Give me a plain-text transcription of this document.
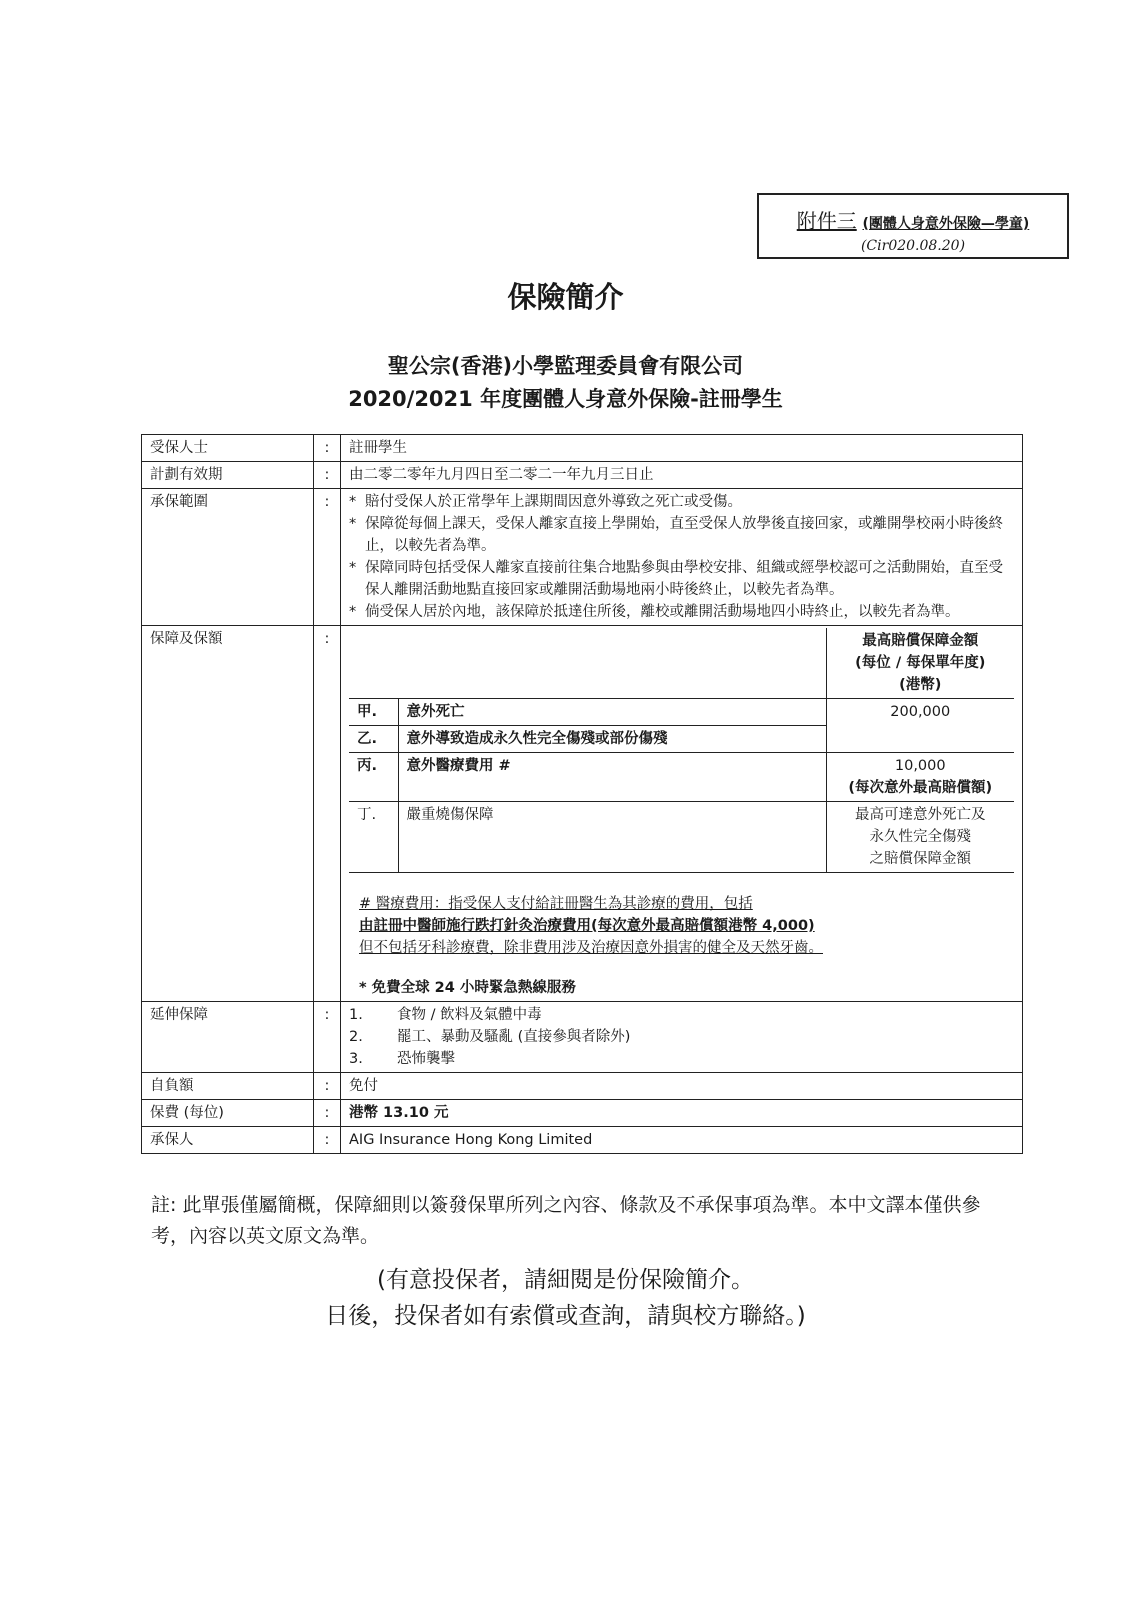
附件三 (團體人身意外保險—學童)
(Cir020.08.20)
保險簡介
聖公宗(香港)小學監理委員會有限公司
2020/2021 年度團體人身意外保險-註冊學生
受保人士	:	註冊學生
計劃有效期	:	由二零二零年九月四日至二零二一年九月三日止
承保範圍	:	
*賠付受保人於正常學年上課期間因意外導致之死亡或受傷。
* 保障從每個上課天，受保人離家直接上學開始，直至受保人放學後直接回家，或離開學校兩小時後終止，以較先者為準。
* 保障同時包括受保人離家直接前往集合地點參與由學校安排、組織或經學校認可之活動開始，直至受保人離開活動地點直接回家或離開活動場地兩小時後終止，以較先者為準。
* 倘受保人居於內地，該保障於抵達住所後，離校或離開活動場地四小時終止，以較先者為準。

保障及保額	:	
		最高賠償保障金額
(每位 / 每保單年度)
(港幣)

甲.	意外死亡	200,000
乙.	意外導致造成永久性完全傷殘或部份傷殘
丙.	意外醫療費用 #	10,000
(每次意外最高賠償額)

丁.	嚴重燒傷保障	最高可達意外死亡及
永久性完全傷殘
之賠償保障金額

# 醫療費用：指受保人支付給註冊醫生為其診療的費用，包括
由註冊中醫師施行跌打針灸治療費用(每次意外最高賠償額港幣 4,000)
但不包括牙科診療費，除非費用涉及治療因意外損害的健全及天然牙齒。
* 免費全球 24 小時緊急熱線服務

延伸保障	:	1.	食物 / 飲料及氣體中毒
2.	罷工、暴動及騷亂 (直接參與者除外)
3.	恐怖襲擊

自負額	:	免付
保費 (每位)	:	港幣 13.10 元
承保人	:	AIG Insurance Hong Kong Limited
註: 此單張僅屬簡概，保障細則以簽發保單所列之內容、條款及不承保事項為準。本中文譯本僅供參考，內容以英文原文為準。
(有意投保者，請細閱是份保險簡介。
日後，投保者如有索償或查詢，請與校方聯絡。)
